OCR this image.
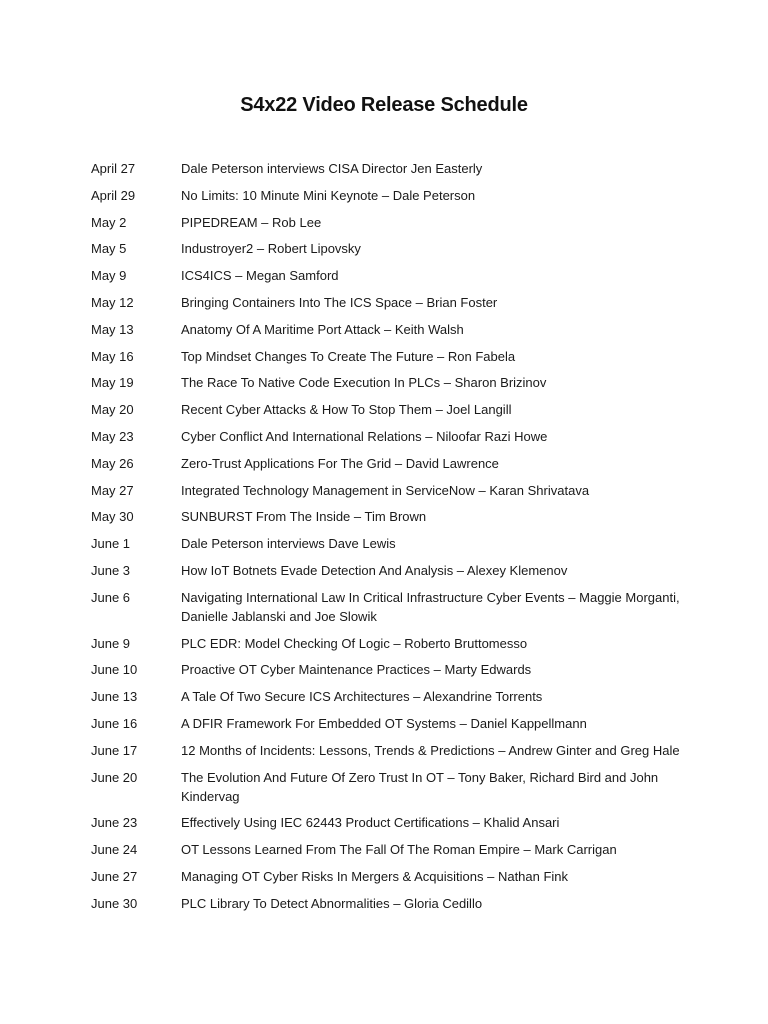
S4x22 Video Release Schedule
April 27	Dale Peterson interviews CISA Director Jen Easterly
April 29	No Limits: 10 Minute Mini Keynote – Dale Peterson
May 2	PIPEDREAM – Rob Lee
May 5	Industroyer2 – Robert Lipovsky
May 9	ICS4ICS – Megan Samford
May 12	Bringing Containers Into The ICS Space – Brian Foster
May 13	Anatomy Of A Maritime Port Attack – Keith Walsh
May 16	Top Mindset Changes To Create The Future – Ron Fabela
May 19	The Race To Native Code Execution In PLCs – Sharon Brizinov
May 20	Recent Cyber Attacks & How To Stop Them – Joel Langill
May 23	Cyber Conflict And International Relations – Niloofar Razi Howe
May 26	Zero-Trust Applications For The Grid – David Lawrence
May 27	Integrated Technology Management in ServiceNow – Karan Shrivatava
May 30	SUNBURST From The Inside – Tim Brown
June 1	Dale Peterson interviews Dave Lewis
June 3	How IoT Botnets Evade Detection And Analysis – Alexey Klemenov
June 6	Navigating International Law In Critical Infrastructure Cyber Events – Maggie Morganti, Danielle Jablanski and Joe Slowik
June 9	PLC EDR: Model Checking Of Logic – Roberto Bruttomesso
June 10	Proactive OT Cyber Maintenance Practices – Marty Edwards
June 13	A Tale Of Two Secure ICS Architectures – Alexandrine Torrents
June 16	A DFIR Framework For Embedded OT Systems – Daniel Kappellmann
June 17	12 Months of Incidents: Lessons, Trends & Predictions – Andrew Ginter and Greg Hale
June 20	The Evolution And Future Of Zero Trust In OT – Tony Baker, Richard Bird and John Kindervag
June 23	Effectively Using IEC 62443 Product Certifications – Khalid Ansari
June 24	OT Lessons Learned From The Fall Of The Roman Empire – Mark Carrigan
June 27	Managing OT Cyber Risks In Mergers & Acquisitions – Nathan Fink
June 30	PLC Library To Detect Abnormalities – Gloria Cedillo
